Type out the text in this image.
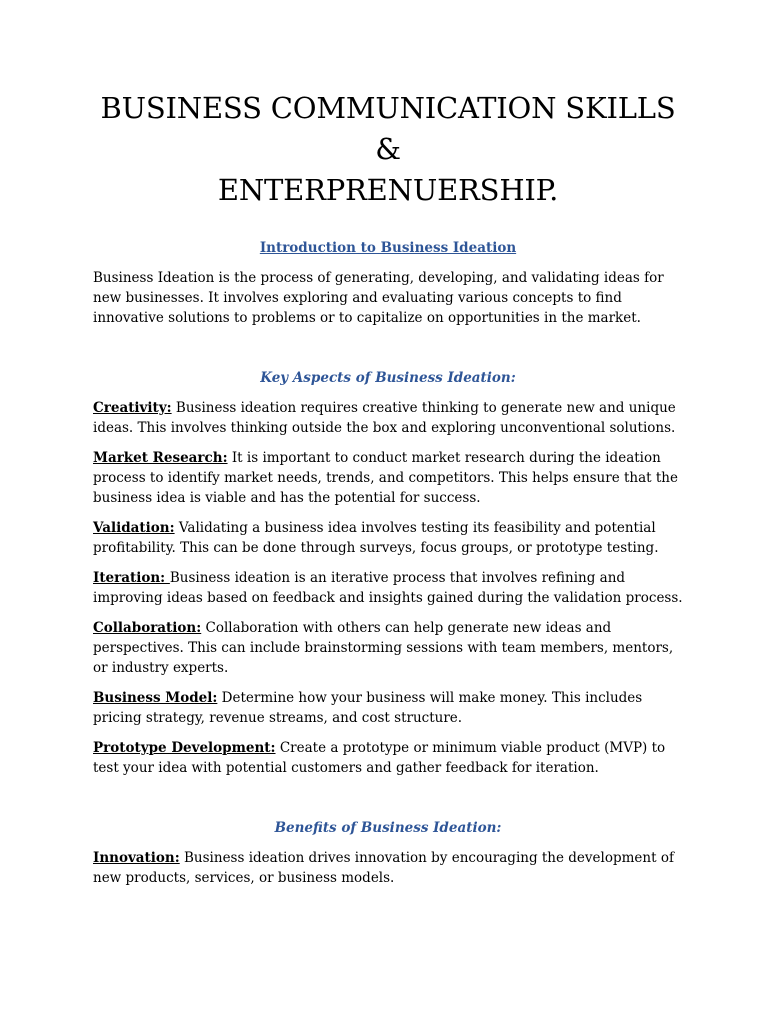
BUSINESS COMMUNICATION SKILLS &
ENTERPRENUERSHIP.
Introduction to Business Ideation

Business Ideation is the process of generating, developing, and validating ideas for new businesses. It involves exploring and evaluating various concepts to find innovative solutions to problems or to capitalize on opportunities in the market.

Key Aspects of Business Ideation:

Creativity: Business ideation requires creative thinking to generate new and unique ideas. This involves thinking outside the box and exploring unconventional solutions.

Market Research: It is important to conduct market research during the ideation process to identify market needs, trends, and competitors. This helps ensure that the business idea is viable and has the potential for success.

Validation: Validating a business idea involves testing its feasibility and potential profitability. This can be done through surveys, focus groups, or prototype testing.

Iteration: Business ideation is an iterative process that involves refining and improving ideas based on feedback and insights gained during the validation process.

Collaboration: Collaboration with others can help generate new ideas and perspectives. This can include brainstorming sessions with team members, mentors, or industry experts.

Business Model: Determine how your business will make money. This includes pricing strategy, revenue streams, and cost structure.

Prototype Development: Create a prototype or minimum viable product (MVP) to test your idea with potential customers and gather feedback for iteration.

Benefits of Business Ideation:

Innovation: Business ideation drives innovation by encouraging the development of new products, services, or business models.
